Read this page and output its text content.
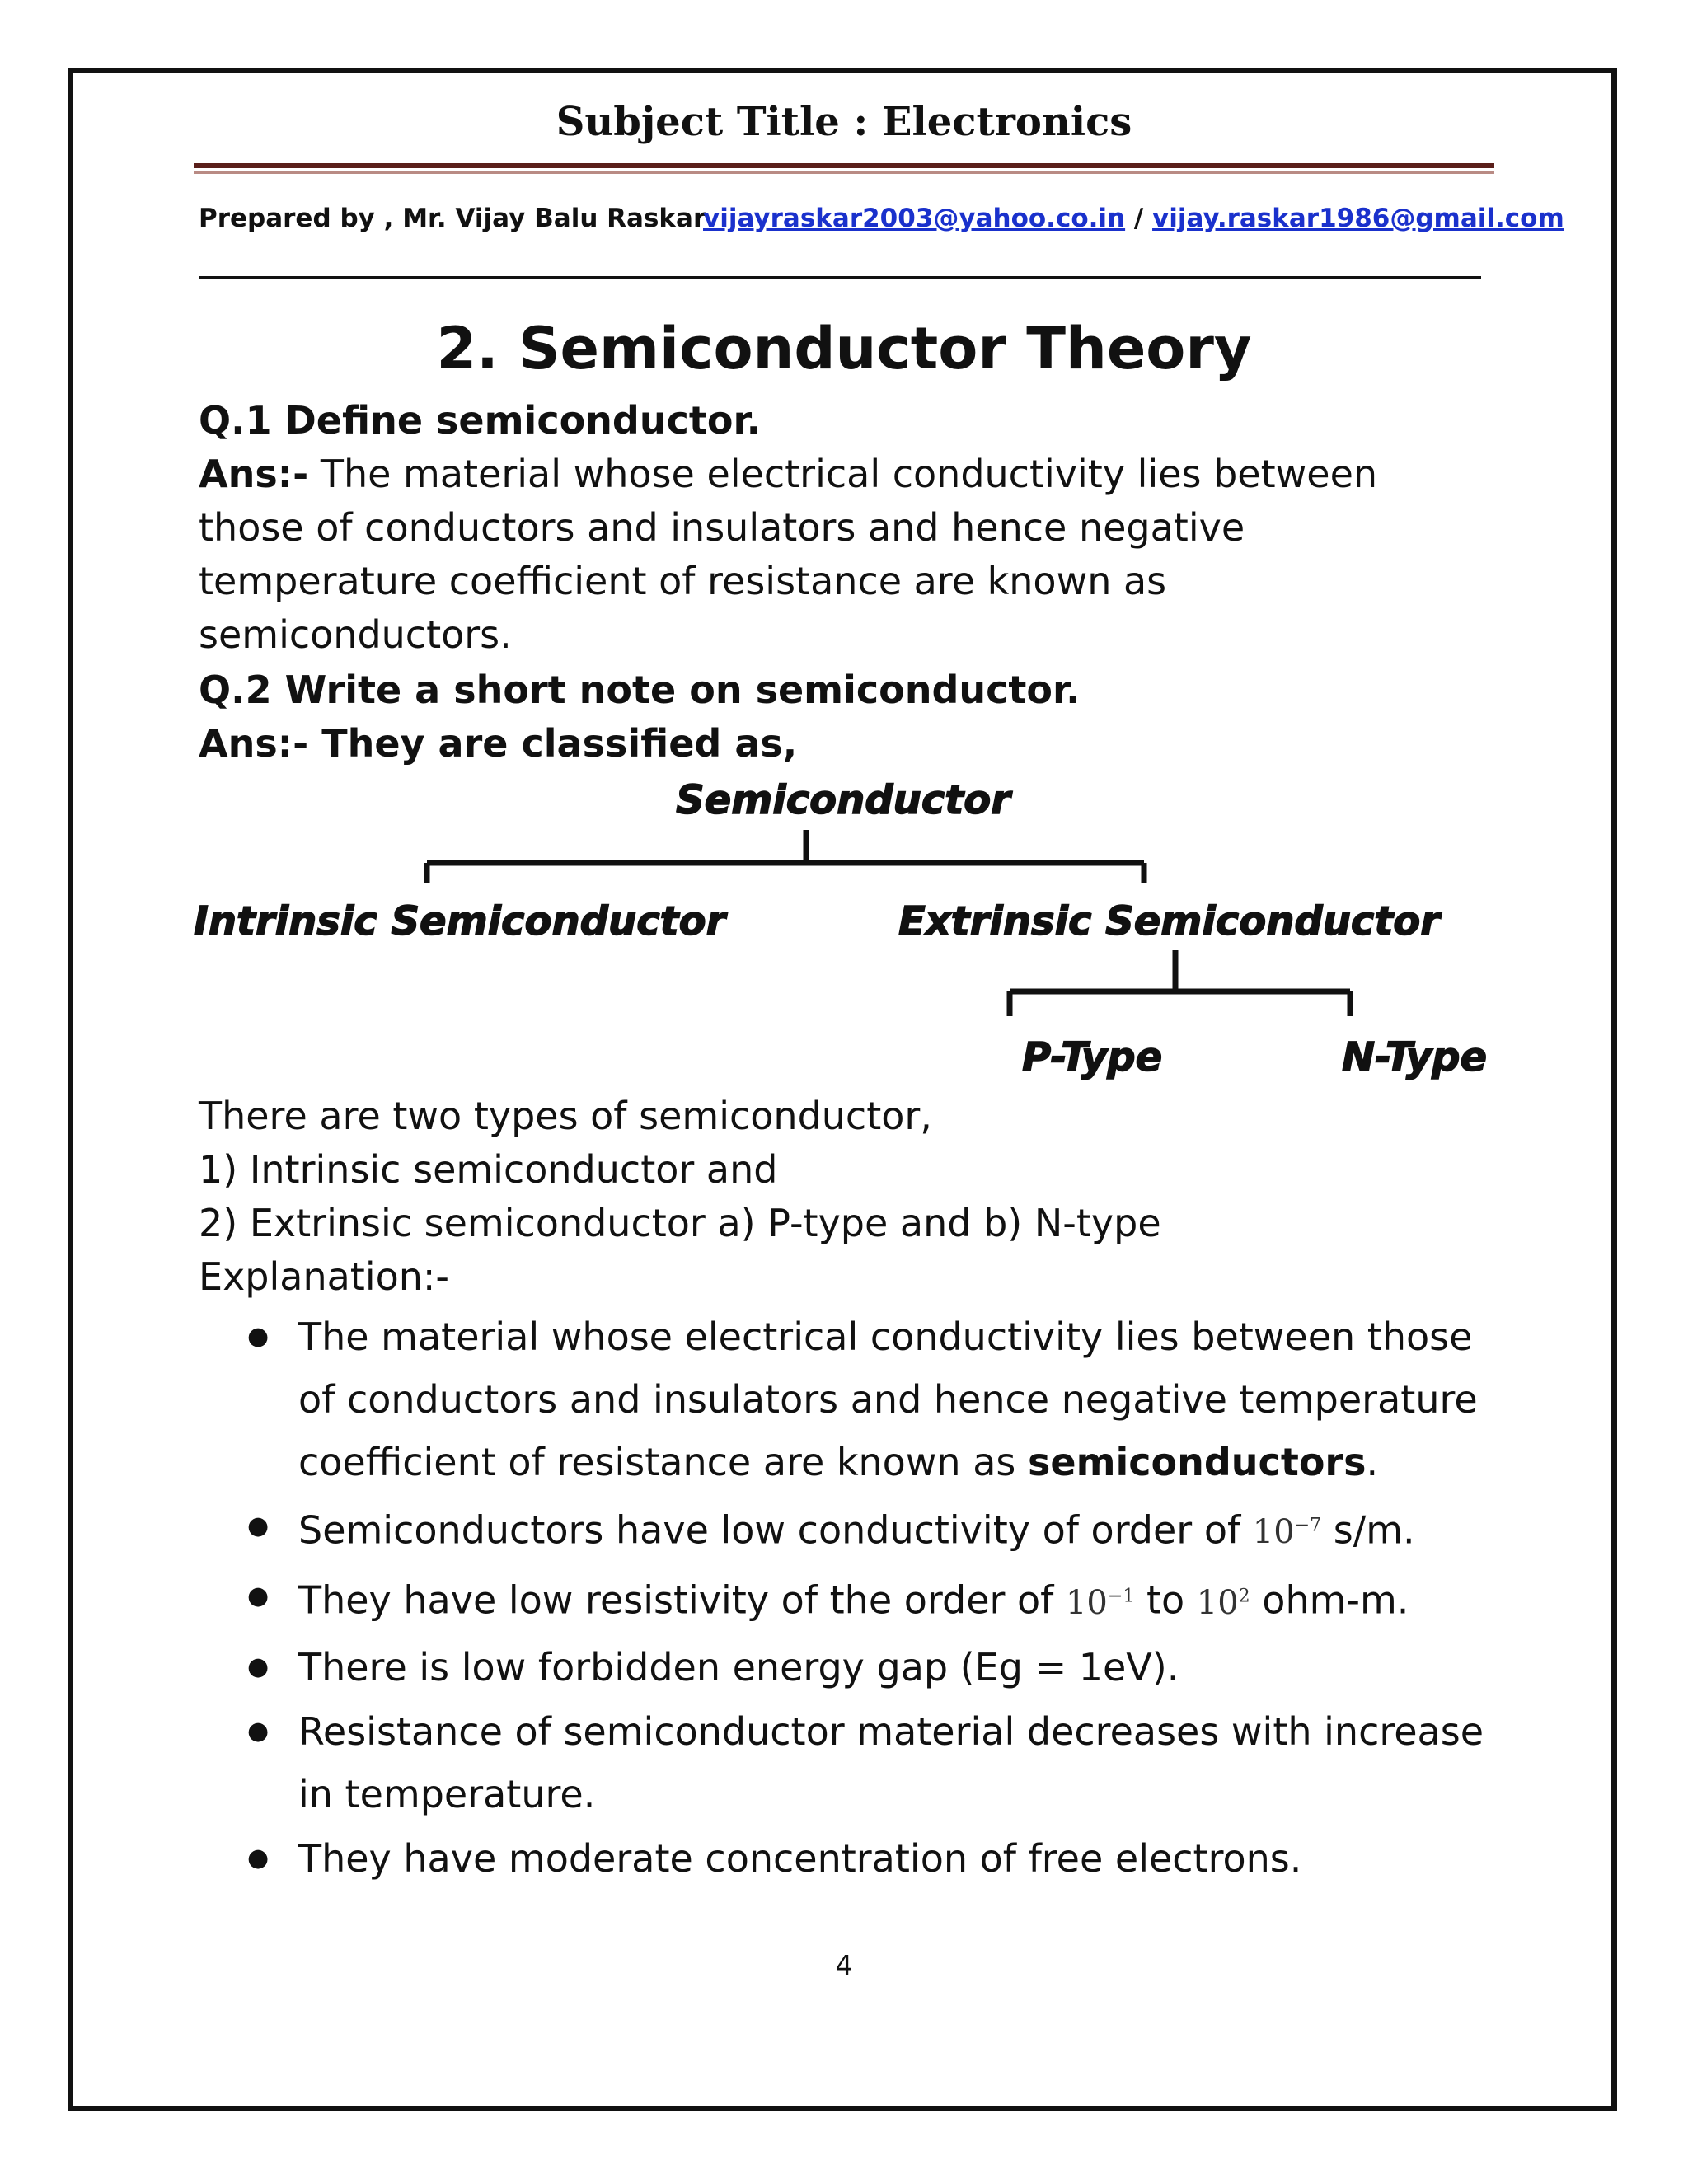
Subject Title : Electronics
Prepared by , Mr. Vijay Balu Raskar
vijayraskar2003@yahoo.co.in / vijay.raskar1986@gmail.com
2. Semiconductor Theory
Q.1 Define semiconductor.
Ans:- The material whose electrical conductivity lies between those of conductors and insulators and hence negative temperature coefficient of resistance are known as semiconductors.
Q.2 Write a short note on semiconductor.
Ans:- They are classified as,
Semiconductor
Intrinsic Semiconductor	Extrinsic Semiconductor
P-Type	N-Type
There are two types of semiconductor,
1) Intrinsic semiconductor and
2) Extrinsic semiconductor a) P-type and b) N-type
Explanation:-
● The material whose electrical conductivity lies between those of conductors and insulators and hence negative temperature coefficient of resistance are known as semiconductors.
● Semiconductors have low conductivity of order of $10^{-7}$ s/m.
● They have low resistivity of the order of $10^{-1}$ to $10^2$ ohm-m.
● There is low forbidden energy gap (Eg = 1eV).
● Resistance of semiconductor material decreases with increase in temperature.
● They have moderate concentration of free electrons.
4
